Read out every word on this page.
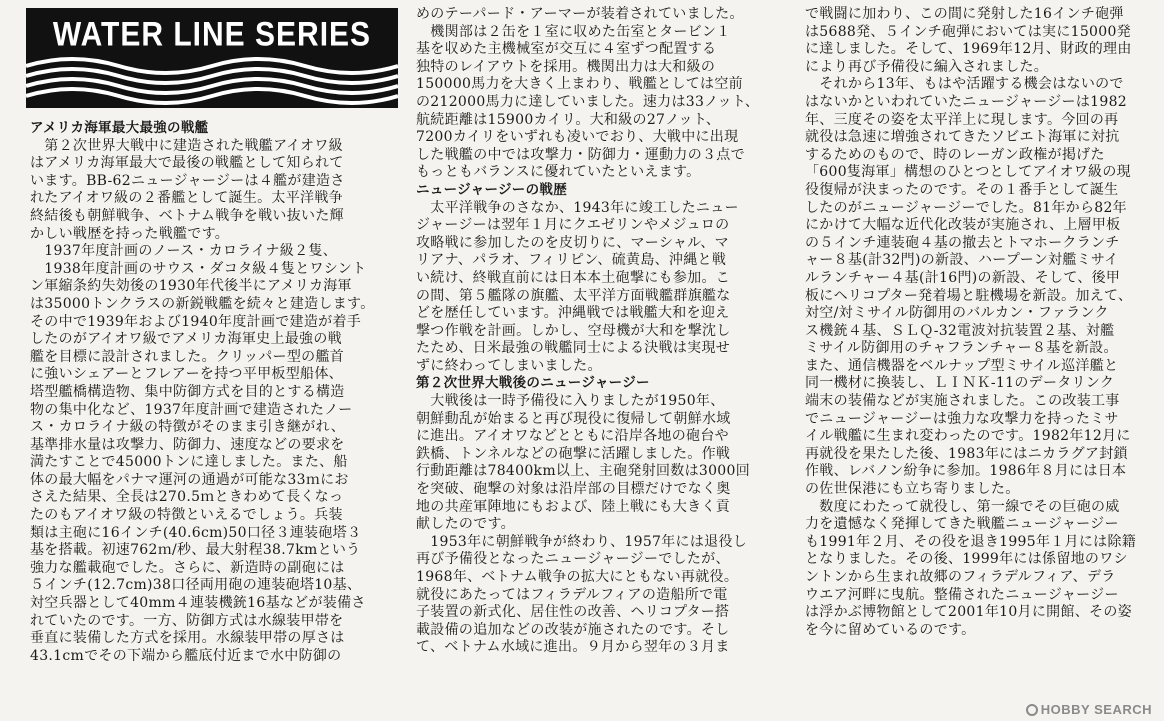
WATER LINE SERIES
アメリカ海軍最大最強の戦艦
　第２次世界大戦中に建造された戦艦アイオワ級
はアメリカ海軍最大で最後の戦艦として知られて
います。BB-62ニュージャージーは４艦が建造さ
れたアイオワ級の２番艦として誕生。太平洋戦争
終結後も朝鮮戦争、ベトナム戦争を戦い抜いた輝
かしい戦歴を持った戦艦です。
　1937年度計画のノース・カロライナ級２隻、
　1938年度計画のサウス・ダコタ級４隻とワシント
ン軍縮条約失効後の1930年代後半にアメリカ海軍
は35000トンクラスの新鋭戦艦を続々と建造します。
その中で1939年および1940年度計画で建造が着手
したのがアイオワ級でアメリカ海軍史上最強の戦
艦を目標に設計されました。クリッパー型の艦首
に強いシェアーとフレアーを持つ平甲板型船体、
塔型艦橋構造物、集中防御方式を目的とする構造
物の集中化など、1937年度計画で建造されたノー
ス・カロライナ級の特徴がそのまま引き継がれ、
基準排水量は攻撃力、防御力、速度などの要求を
満たすことで45000トンに達しました。また、船
体の最大幅をパナマ運河の通過が可能な33ｍにお
さえた結果、全長は270.5ｍときわめて長くなっ
たのもアイオワ級の特徴といえるでしょう。兵装
類は主砲に16インチ(40.6cm)50口径３連装砲塔３
基を搭載。初速762ｍ/秒、最大射程38.7kmという
強力な艦載砲でした。さらに、新造時の副砲には
５インチ(12.7cm)38口径両用砲の連装砲塔10基、
対空兵器として40mm４連装機銃16基などが装備さ
れていたのです。一方、防御方式は水線装甲帯を
垂直に装備した方式を採用。水線装甲帯の厚さは
43.1cmでその下端から艦底付近まで水中防御の
めのテーパード・アーマーが装着されていました。
　機関部は２缶を１室に収めた缶室とタービン１
基を収めた主機械室が交互に４室ずつ配置する
独特のレイアウトを採用。機関出力は大和級の
150000馬力を大きく上まわり、戦艦としては空前
の212000馬力に達していました。速力は33ノット、
航続距離は15900カイリ。大和級の27ノット、
7200カイリをいずれも凌いでおり、大戦中に出現
した戦艦の中では攻撃力・防御力・運動力の３点で
もっともバランスに優れていたといえます。
ニュージャージーの戦歴
　太平洋戦争のさなか、1943年に竣工したニュー
ジャージーは翌年１月にクエゼリンやメジュロの
攻略戦に参加したのを皮切りに、マーシャル、マ
リアナ、パラオ、フィリピン、硫黄島、沖縄と戦
い続け、終戦直前には日本本土砲撃にも参加。こ
の間、第５艦隊の旗艦、太平洋方面戦艦群旗艦な
どを歴任しています。沖縄戦では戦艦大和を迎え
撃つ作戦を計画。しかし、空母機が大和を撃沈し
たため、日米最強の戦艦同士による決戦は実現せ
ずに終わってしまいました。
第２次世界大戦後のニュージャージー
　大戦後は一時予備役に入りましたが1950年、
朝鮮動乱が始まると再び現役に復帰して朝鮮水域
に進出。アイオワなどとともに沿岸各地の砲台や
鉄橋、トンネルなどの砲撃に活躍しました。作戦
行動距離は78400km以上、主砲発射回数は3000回
を突破、砲撃の対象は沿岸部の目標だけでなく奥
地の共産軍陣地にもおよび、陸上戦にも大きく貢
献したのです。
　1953年に朝鮮戦争が終わり、1957年には退役し
再び予備役となったニュージャージーでしたが、
1968年、ベトナム戦争の拡大にともない再就役。
就役にあたってはフィラデルフィアの造船所で電
子装置の新式化、居住性の改善、ヘリコプター搭
載設備の追加などの改装が施されたのです。そし
て、ベトナム水域に進出。９月から翌年の３月ま
で戦闘に加わり、この間に発射した16インチ砲弾
は5688発、５インチ砲弾においては実に15000発
に達しました。そして、1969年12月、財政的理由
により再び予備役に編入されました。
　それから13年、もはや活躍する機会はないので
はないかといわれていたニュージャージーは1982
年、三度その姿を太平洋上に現します。今回の再
就役は急速に増強されてきたソビエト海軍に対抗
するためのもので、時のレーガン政権が掲げた
「600隻海軍」構想のひとつとしてアイオワ級の現
役復帰が決まったのです。その１番手として誕生
したのがニュージャージーでした。81年から82年
にかけて大幅な近代化改装が実施され、上層甲板
の５インチ連装砲４基の撤去とトマホークランチ
ャー８基(計32門)の新設、ハープーン対艦ミサイ
ルランチャー４基(計16門)の新設、そして、後甲
板にヘリコプター発着場と駐機場を新設。加えて、
対空/対ミサイル防御用のバルカン・ファランク
ス機銃４基、ＳＬＱ-32電波対抗装置２基、対艦
ミサイル防御用のチャフランチャー８基を新設。
また、通信機器をベルナップ型ミサイル巡洋艦と
同一機材に換装し、ＬＩＮＫ-11のデータリンク
端末の装備などが実施されました。この改装工事
でニュージャージーは強力な攻撃力を持ったミサ
イル戦艦に生まれ変わったのです。1982年12月に
再就役を果たした後、1983年にはニカラグア封鎖
作戦、レバノン紛争に参加。1986年８月には日本
の佐世保港にも立ち寄りました。
　数度にわたって就役し、第一線でその巨砲の威
力を遺憾なく発揮してきた戦艦ニュージャージー
も1991年２月、その役を退き1995年１月には除籍
となりました。その後、1999年には係留地のワシ
ントンから生まれ故郷のフィラデルフィア、デラ
ウエア河畔に曳航。整備されたニュージャージー
は浮かぶ博物館として2001年10月に開館、その姿
を今に留めているのです。
HOBBY SEARCH
